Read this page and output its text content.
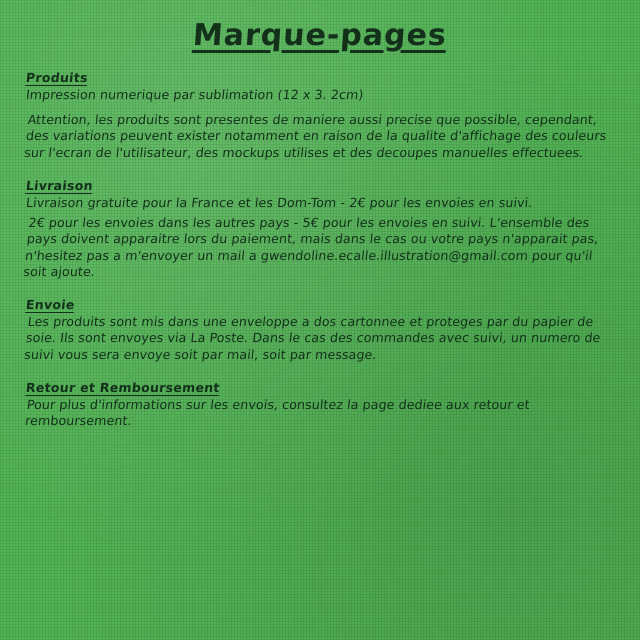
Marque-pages
Produits

Impression numerique par sublimation (12 x 3. 2cm)

Attention, les produits sont presentes de maniere aussi precise que possible, cependant, des variations peuvent exister notamment en raison de la qualite d'affichage des couleurs sur l'ecran de l'utilisateur, des mockups utilises et des decoupes manuelles effectuees.

Livraison

Livraison gratuite pour la France et les Dom-Tom - 2€ pour les envoies en suivi.

2€ pour les envoies dans les autres pays - 5€ pour les envoies en suivi. L'ensemble des pays doivent apparaitre lors du paiement, mais dans le cas ou votre pays n'apparait pas, n'hesitez pas a m'envoyer un mail a gwendoline.ecalle.illustration@gmail.com pour qu'il soit ajoute.

Envoie

Les produits sont mis dans une enveloppe a dos cartonnee et proteges par du papier de soie. Ils sont envoyes via La Poste. Dans le cas des commandes avec suivi, un numero de suivi vous sera envoye soit par mail, soit par message.

Retour et Remboursement

Pour plus d'informations sur les envois, consultez la page dediee aux retour et remboursement.
